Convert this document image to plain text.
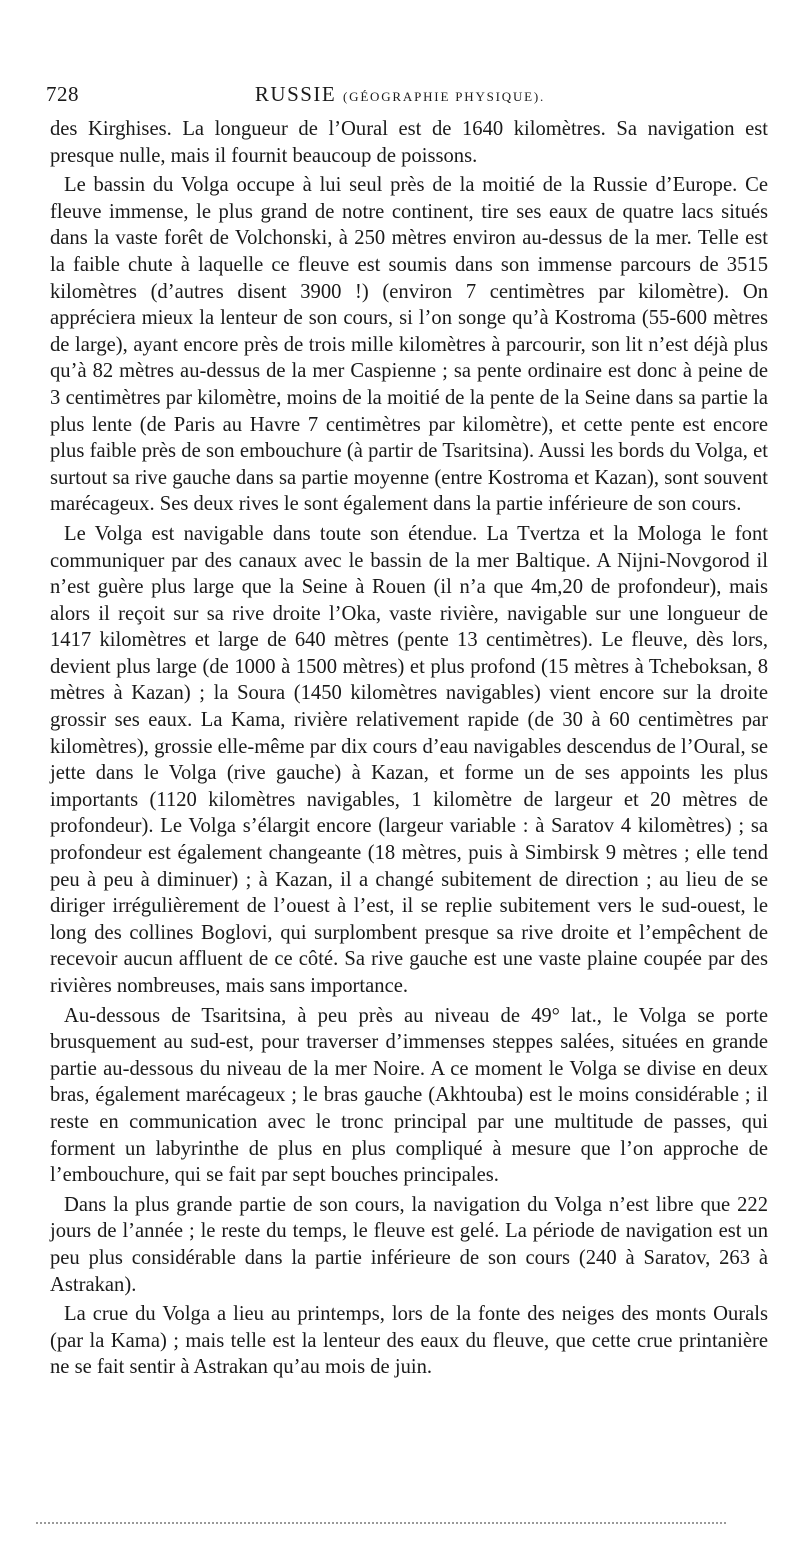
728	RUSSIE (GÉOGRAPHIE PHYSIQUE).

des Kirghises. La longueur de l’Oural est de 1640 kilomètres. Sa navigation est presque nulle, mais il fournit beaucoup de poissons.

Le bassin du Volga occupe à lui seul près de la moitié de la Russie d’Europe. Ce fleuve immense, le plus grand de notre continent, tire ses eaux de quatre lacs situés dans la vaste forêt de Volchonski, à 250 mètres environ au-dessus de la mer. Telle est la faible chute à laquelle ce fleuve est soumis dans son immense parcours de 3515 kilomètres (d’autres disent 3900 !) (environ 7 centimètres par kilomètre). On appréciera mieux la lenteur de son cours, si l’on songe qu’à Kostroma (55-600 mètres de large), ayant encore près de trois mille kilomètres à parcourir, son lit n’est déjà plus qu’à 82 mètres au-dessus de la mer Caspienne ; sa pente ordinaire est donc à peine de 3 centimètres par kilomètre, moins de la moitié de la pente de la Seine dans sa partie la plus lente (de Paris au Havre 7 centimètres par kilomètre), et cette pente est encore plus faible près de son embouchure (à partir de Tsaritsina). Aussi les bords du Volga, et surtout sa rive gauche dans sa partie moyenne (entre Kostroma et Kazan), sont souvent marécageux. Ses deux rives le sont également dans la partie inférieure de son cours.

Le Volga est navigable dans toute son étendue. La Tvertza et la Mologa le font communiquer par des canaux avec le bassin de la mer Baltique. A Nijni-Novgorod il n’est guère plus large que la Seine à Rouen (il n’a que 4m,20 de profondeur), mais alors il reçoit sur sa rive droite l’Oka, vaste rivière, navigable sur une longueur de 1417 kilomètres et large de 640 mètres (pente 13 centimètres). Le fleuve, dès lors, devient plus large (de 1000 à 1500 mètres) et plus profond (15 mètres à Tcheboksan, 8 mètres à Kazan) ; la Soura (1450 kilomètres navigables) vient encore sur la droite grossir ses eaux. La Kama, rivière relativement rapide (de 30 à 60 centimètres par kilomètres), grossie elle-même par dix cours d’eau navigables descendus de l’Oural, se jette dans le Volga (rive gauche) à Kazan, et forme un de ses appoints les plus importants (1120 kilomètres navigables, 1 kilomètre de largeur et 20 mètres de profondeur). Le Volga s’élargit encore (largeur variable : à Saratov 4 kilomètres) ; sa profondeur est également changeante (18 mètres, puis à Simbirsk 9 mètres ; elle tend peu à peu à diminuer) ; à Kazan, il a changé subitement de direction ; au lieu de se diriger irrégulièrement de l’ouest à l’est, il se replie subitement vers le sud-ouest, le long des collines Boglovi, qui surplombent presque sa rive droite et l’empêchent de recevoir aucun affluent de ce côté. Sa rive gauche est une vaste plaine coupée par des rivières nombreuses, mais sans importance.

Au-dessous de Tsaritsina, à peu près au niveau de 49° lat., le Volga se porte brusquement au sud-est, pour traverser d’immenses steppes salées, situées en grande partie au-dessous du niveau de la mer Noire. A ce moment le Volga se divise en deux bras, également marécageux ; le bras gauche (Akhtouba) est le moins considérable ; il reste en communication avec le tronc principal par une multitude de passes, qui forment un labyrinthe de plus en plus compliqué à mesure que l’on approche de l’embouchure, qui se fait par sept bouches principales.

Dans la plus grande partie de son cours, la navigation du Volga n’est libre que 222 jours de l’année ; le reste du temps, le fleuve est gelé. La période de navigation est un peu plus considérable dans la partie inférieure de son cours (240 à Saratov, 263 à Astrakan).

La crue du Volga a lieu au printemps, lors de la fonte des neiges des monts Ourals (par la Kama) ; mais telle est la lenteur des eaux du fleuve, que cette crue printanière ne se fait sentir à Astrakan qu’au mois de juin.
